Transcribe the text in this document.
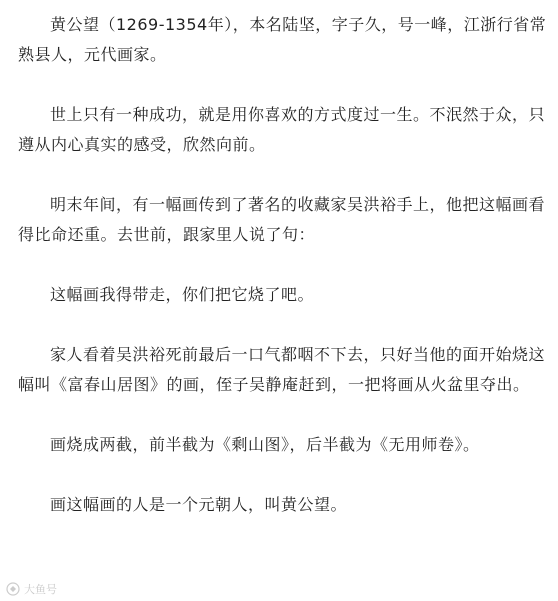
黄公望（1269-1354年），本名陆坚，字子久，号一峰，江浙行省常熟县人，元代画家。

世上只有一种成功，就是用你喜欢的方式度过一生。不泯然于众，只遵从内心真实的感受，欣然向前。

明末年间，有一幅画传到了著名的收藏家吴洪裕手上，他把这幅画看得比命还重。去世前，跟家里人说了句：

这幅画我得带走，你们把它烧了吧。

家人看着吴洪裕死前最后一口气都咽不下去，只好当他的面开始烧这幅叫《富春山居图》的画，侄子吴静庵赶到，一把将画从火盆里夺出。

画烧成两截，前半截为《剩山图》，后半截为《无用师卷》。

画这幅画的人是一个元朝人，叫黄公望。

大鱼号
